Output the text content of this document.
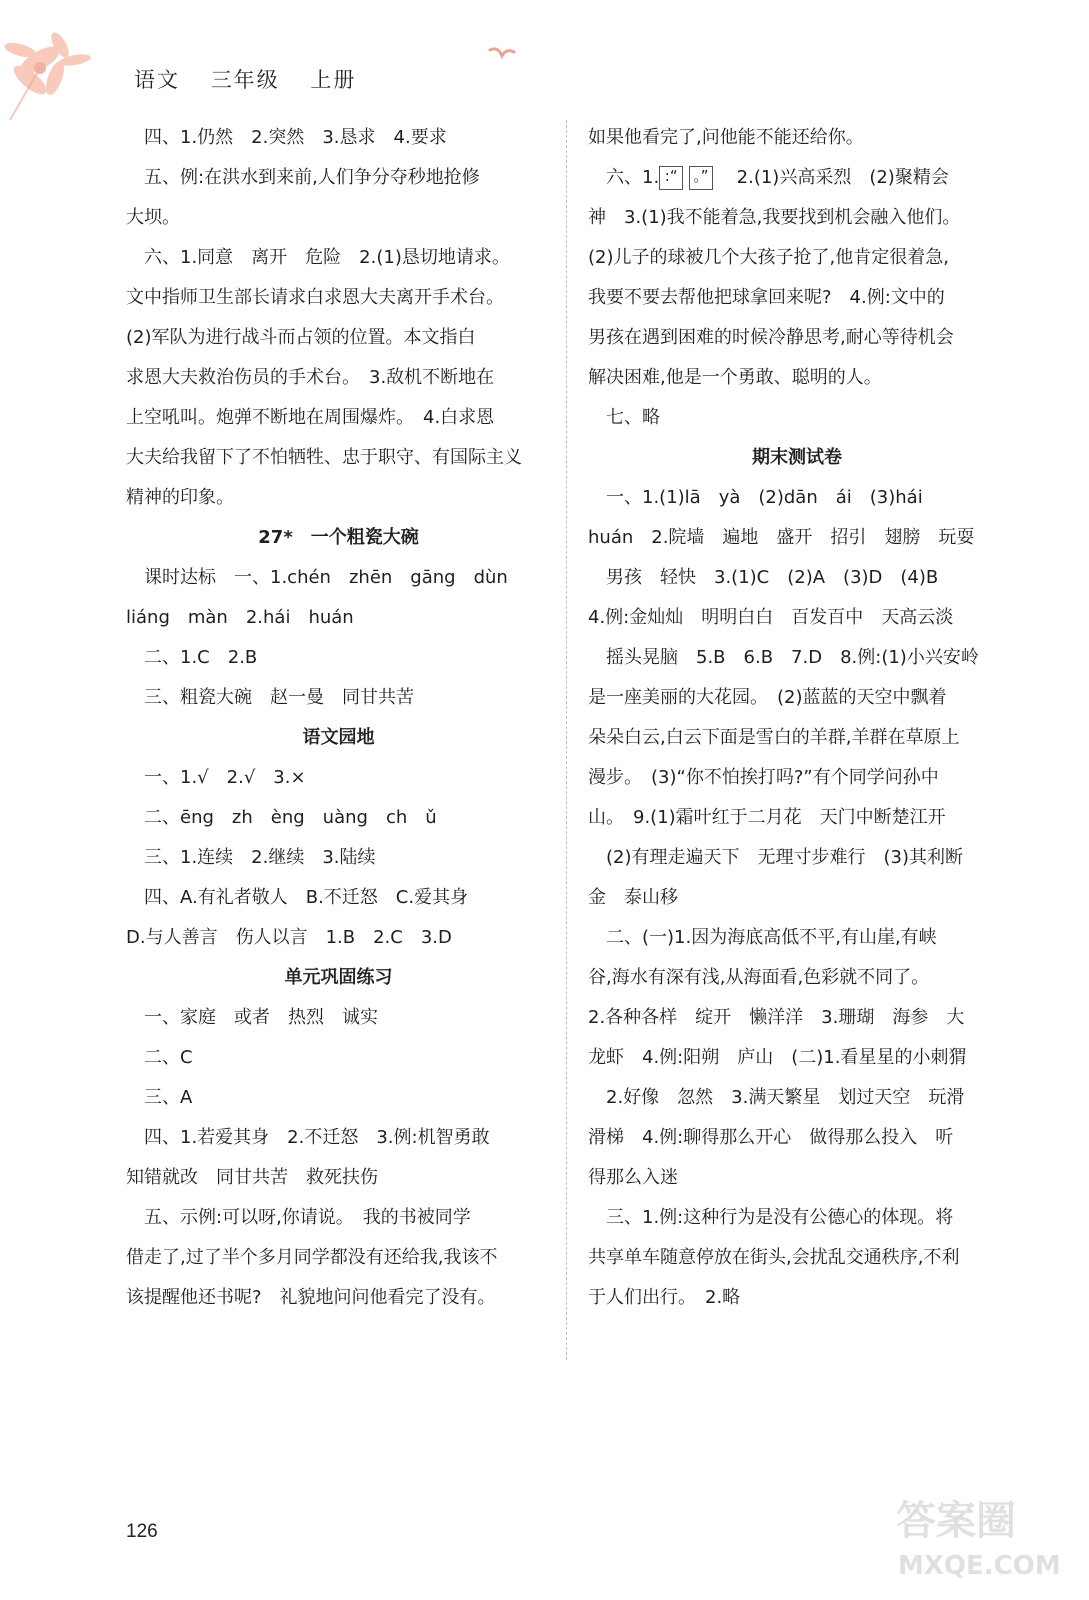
语文 三年级 上册
　四、1.仍然　2.突然　3.恳求　4.要求
　五、例:在洪水到来前,人们争分夺秒地抢修
大坝。
　六、1.同意　离开　危险　2.(1)恳切地请求。
文中指师卫生部长请求白求恩大夫离开手术台。
(2)军队为进行战斗而占领的位置。本文指白
求恩大夫救治伤员的手术台。　3.敌机不断地在
上空吼叫。炮弹不断地在周围爆炸。　4.白求恩
大夫给我留下了不怕牺牲、忠于职守、有国际主义
精神的印象。
27*　一个粗瓷大碗
　课时达标　一、1.chén　zhēn　gāng　dùn
liáng　màn　2.hái　huán
　二、1.C　2.B
　三、粗瓷大碗　赵一曼　同甘共苦
语文园地
　一、1.√　2.√　3.×
　二、ēng　zh　èng　uàng　ch　ǔ
　三、1.连续　2.继续　3.陆续
　四、A.有礼者敬人　B.不迁怒　C.爱其身
D.与人善言　伤人以言　1.B　2.C　3.D
单元巩固练习
　一、家庭　或者　热烈　诚实
　二、C
　三、A
　四、1.若爱其身　2.不迁怒　3.例:机智勇敢
知错就改　同甘共苦　救死扶伤
　五、示例:可以呀,你请说。　我的书被同学
借走了,过了半个多月同学都没有还给我,我该不
该提醒他还书呢?　礼貌地问问他看完了没有。
如果他看完了,问他能不能还给你。
　六、1. :“ 。” 　2.(1)兴高采烈　(2)聚精会
神　3.(1)我不能着急,我要找到机会融入他们。
(2)儿子的球被几个大孩子抢了,他肯定很着急,
我要不要去帮他把球拿回来呢?　4.例:文中的
男孩在遇到困难的时候冷静思考,耐心等待机会
解决困难,他是一个勇敢、聪明的人。
　七、略
期末测试卷
　一、1.(1)lā　yà　(2)dān　ái　(3)hái
huán　2.院墙　遍地　盛开　招引　翅膀　玩耍
　男孩　轻快　3.(1)C　(2)A　(3)D　(4)B
4.例:金灿灿　明明白白　百发百中　天高云淡
　摇头晃脑　5.B　6.B　7.D　8.例:(1)小兴安岭
是一座美丽的大花园。　(2)蓝蓝的天空中飘着
朵朵白云,白云下面是雪白的羊群,羊群在草原上
漫步。　(3)“你不怕挨打吗?”有个同学问孙中
山。　9.(1)霜叶红于二月花　天门中断楚江开
　(2)有理走遍天下　无理寸步难行　(3)其利断
金　泰山移
　二、(一)1.因为海底高低不平,有山崖,有峡
谷,海水有深有浅,从海面看,色彩就不同了。
2.各种各样　绽开　懒洋洋　3.珊瑚　海参　大
龙虾　4.例:阳朔　庐山　(二)1.看星星的小刺猬
　2.好像　忽然　3.满天繁星　划过天空　玩滑
滑梯　4.例:聊得那么开心　做得那么投入　听
得那么入迷
　三、1.例:这种行为是没有公德心的体现。将
共享单车随意停放在街头,会扰乱交通秩序,不利
于人们出行。　2.略
126	答案圈
MXQE.COM
